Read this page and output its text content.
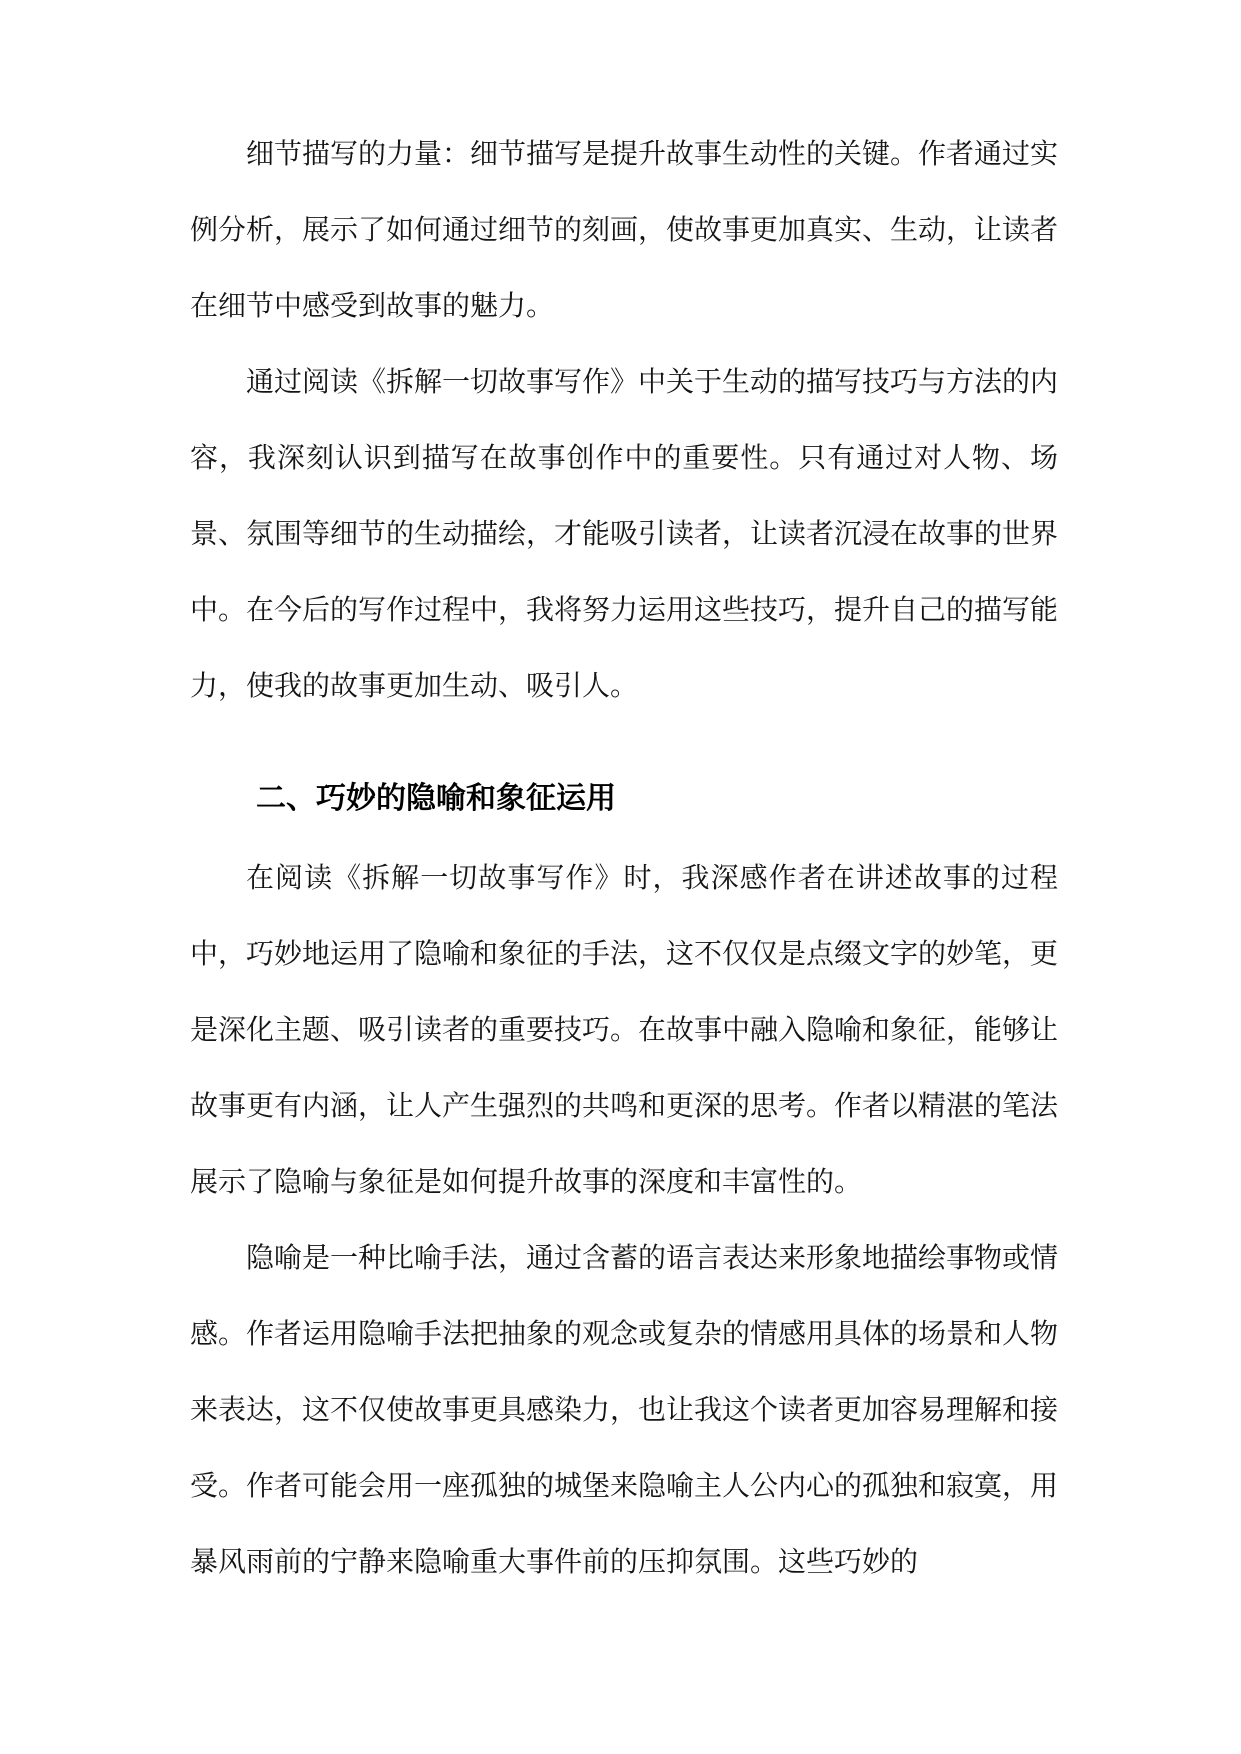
细节描写的力量：细节描写是提升故事生动性的关键。作者通过实例分析，展示了如何通过细节的刻画，使故事更加真实、生动，让读者在细节中感受到故事的魅力。

通过阅读《拆解一切故事写作》中关于生动的描写技巧与方法的内容，我深刻认识到描写在故事创作中的重要性。只有通过对人物、场景、氛围等细节的生动描绘，才能吸引读者，让读者沉浸在故事的世界中。在今后的写作过程中，我将努力运用这些技巧，提升自己的描写能力，使我的故事更加生动、吸引人。

二、巧妙的隐喻和象征运用

在阅读《拆解一切故事写作》时，我深感作者在讲述故事的过程中，巧妙地运用了隐喻和象征的手法，这不仅仅是点缀文字的妙笔，更是深化主题、吸引读者的重要技巧。在故事中融入隐喻和象征，能够让故事更有内涵，让人产生强烈的共鸣和更深的思考。作者以精湛的笔法展示了隐喻与象征是如何提升故事的深度和丰富性的。

隐喻是一种比喻手法，通过含蓄的语言表达来形象地描绘事物或情感。作者运用隐喻手法把抽象的观念或复杂的情感用具体的场景和人物来表达，这不仅使故事更具感染力，也让我这个读者更加容易理解和接受。作者可能会用一座孤独的城堡来隐喻主人公内心的孤独和寂寞，用暴风雨前的宁静来隐喻重大事件前的压抑氛围。这些巧妙的
